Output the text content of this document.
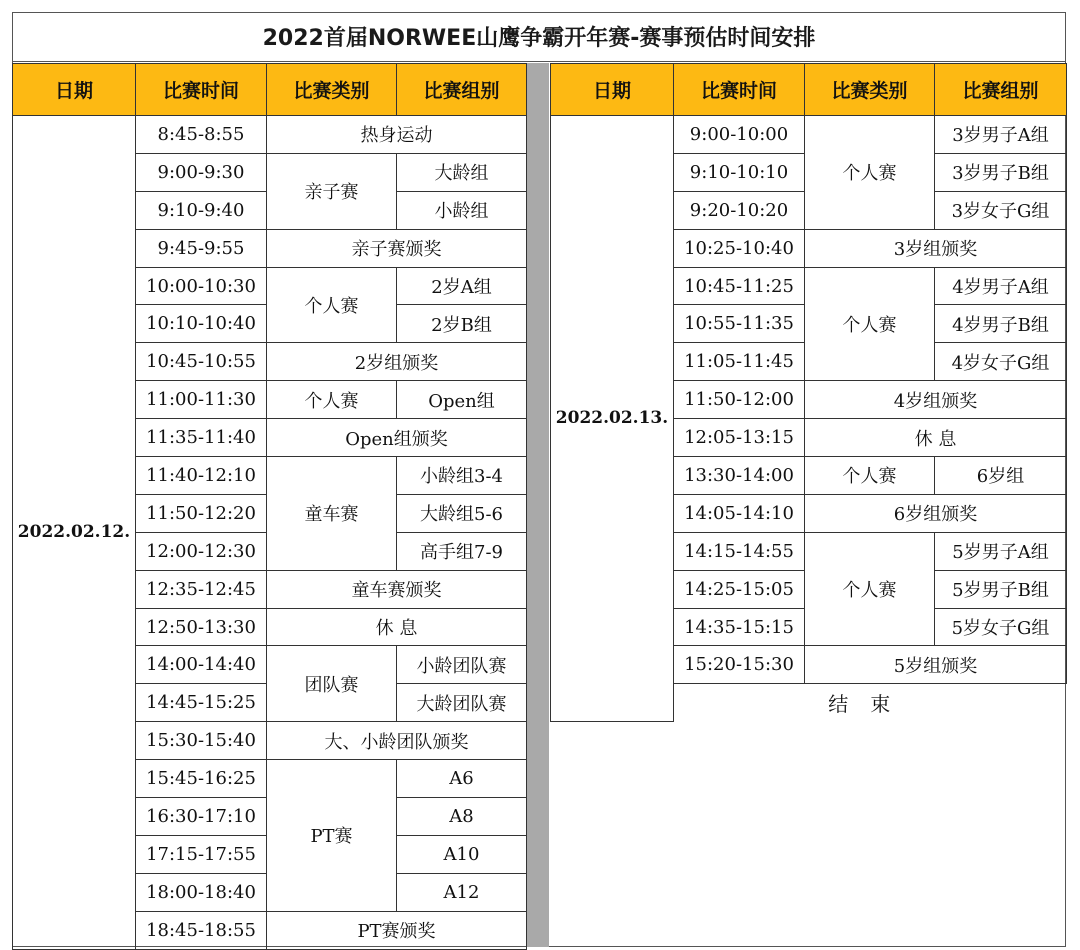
2022首届NORWEE山鹰争霸开年赛-赛事预估时间安排
日期	比赛时间	比赛类别	比赛组别
2022.02.12.	8:45-8:55	热身运动	
	9:00-9:30	亲子赛	大龄组
	9:10-9:40		小龄组
	9:45-9:55	亲子赛颁奖	
	10:00-10:30	个人赛	2岁A组
	10:10-10:40		2岁B组
	10:45-10:55	2岁组颁奖	
	11:00-11:30	个人赛	Open组
	11:35-11:40	Open组颁奖	
	11:40-12:10	童车赛	小龄组3-4
	11:50-12:20		大龄组5-6
	12:00-12:30		高手组7-9
	12:35-12:45	童车赛颁奖	
	12:50-13:30	休 息	
	14:00-14:40	团队赛	小龄团队赛
	14:45-15:25		大龄团队赛
	15:30-15:40	大、小龄团队颁奖	
	15:45-16:25	PT赛	A6
	16:30-17:10		A8
	17:15-17:55		A10
	18:00-18:40		A12
	18:45-18:55	PT赛颁奖	
日期	比赛时间	比赛类别	比赛组别
2022.02.13.	9:00-10:00	个人赛	3岁男子A组
	9:10-10:10		3岁男子B组
	9:20-10:20		3岁女子G组
	10:25-10:40	3岁组颁奖	
	10:45-11:25	个人赛	4岁男子A组
	10:55-11:35		4岁男子B组
	11:05-11:45		4岁女子G组
	11:50-12:00	4岁组颁奖	
	12:05-13:15	休 息	
	13:30-14:00	个人赛	6岁组
	14:05-14:10	6岁组颁奖	
	14:15-14:55	个人赛	5岁男子A组
	14:25-15:05		5岁男子B组
	14:35-15:15		5岁女子G组
	15:20-15:30	5岁组颁奖	
	结束		
